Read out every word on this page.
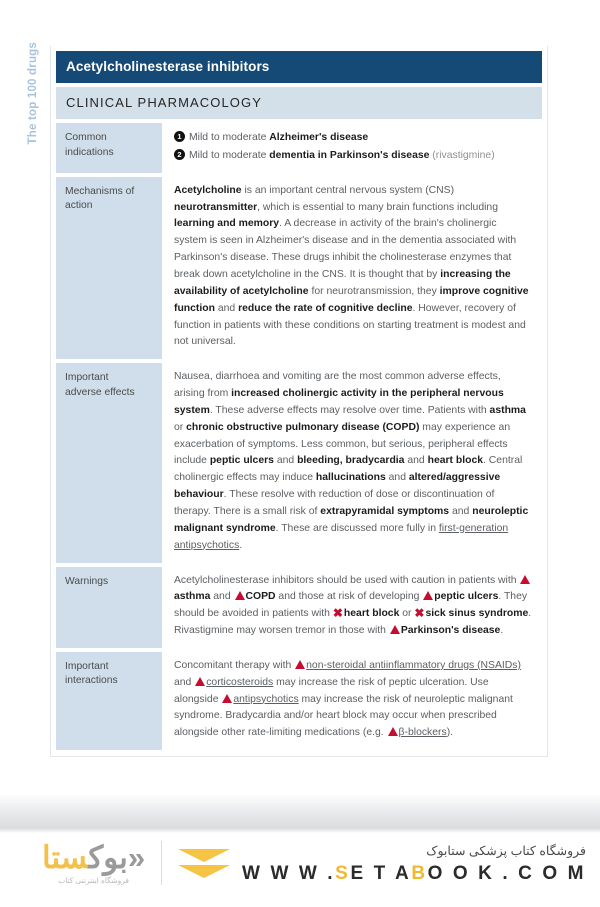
The top 100 drugs	Acetylcholinesterase inhibitors
CLINICAL PHARMACOLOGY
Common
indications
1 Mild to moderate Alzheimer's disease
2 Mild to moderate dementia in Parkinson's disease (rivastigmine)
Mechanisms of
action
Acetylcholine is an important central nervous system (CNS) neurotransmitter, which is essential to many brain functions including learning and memory. A decrease in activity of the brain's cholinergic system is seen in Alzheimer's disease and in the dementia associated with Parkinson's disease. These drugs inhibit the cholinesterase enzymes that break down acetylcholine in the CNS. It is thought that by increasing the availability of acetylcholine for neurotransmission, they improve cognitive function and reduce the rate of cognitive decline. However, recovery of function in patients with these conditions on starting treatment is modest and not universal.
Important
adverse effects
Nausea, diarrhoea and vomiting are the most common adverse effects, arising from increased cholinergic activity in the peripheral nervous system. These adverse effects may resolve over time. Patients with asthma or chronic obstructive pulmonary disease (COPD) may experience an exacerbation of symptoms. Less common, but serious, peripheral effects include peptic ulcers and bleeding, bradycardia and heart block. Central cholinergic effects may induce hallucinations and altered/aggressive behaviour. These resolve with reduction of dose or discontinuation of therapy. There is a small risk of extrapyramidal symptoms and neuroleptic malignant syndrome. These are discussed more fully in first-generation antipsychotics.
Warnings	Acetylcholinesterase inhibitors should be used with caution in patients with asthma and COPD and those at risk of developing peptic ulcers. They should be avoided in patients with ✖heart block or ✖sick sinus syndrome. Rivastigmine may worsen tremor in those with Parkinson's disease.
Important
interactions
Concomitant therapy with non-steroidal antiinflammatory drugs (NSAIDs) and corticosteroids may increase the risk of peptic ulceration. Use alongside antipsychotics may increase the risk of neuroleptic malignant syndrome. Bradycardia and/or heart block may occur when prescribed alongside other rate-limiting medications (e.g. β-blockers).
«بوکستا
فروشگاه اینترنتی کتاب
فروشگاه کتاب پزشکی ستابوک
W W W .SE T ABO O K . C O M
